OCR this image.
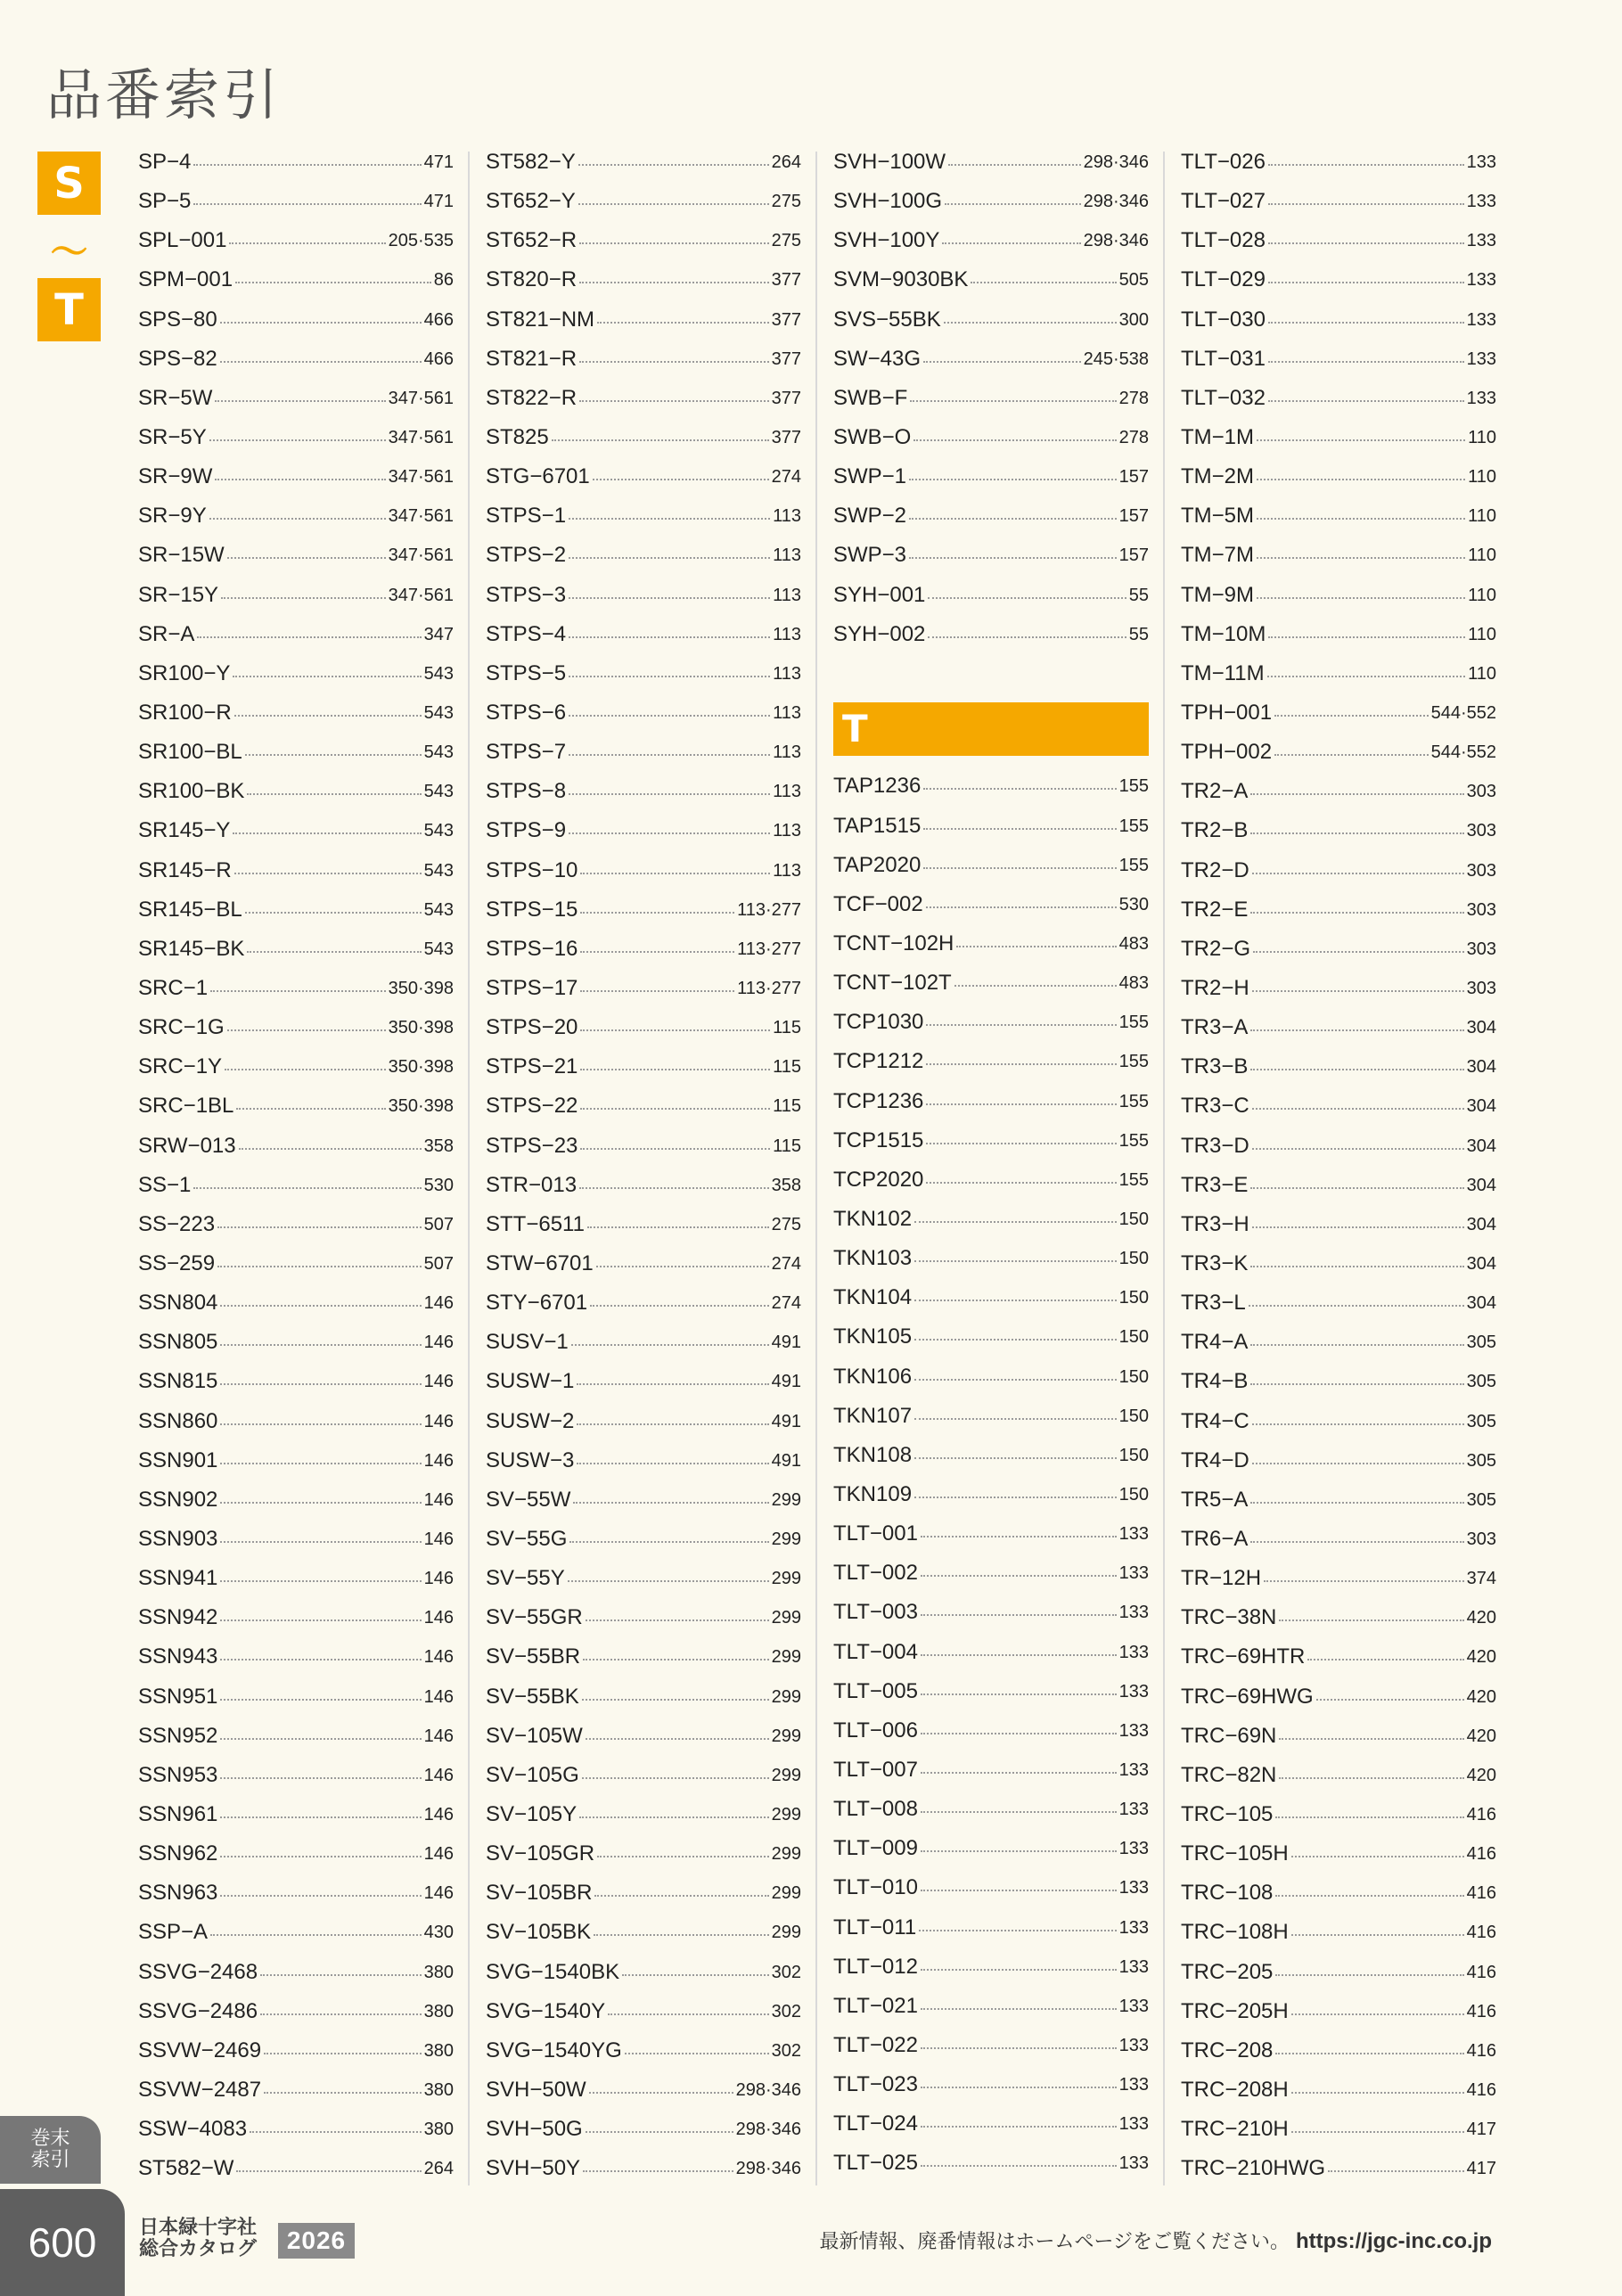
品番索引
S
〜
T
SP−4	471
SP−5	471
SPL−001	205·535
SPM−001	86
SPS−80	466
SPS−82	466
SR−5W	347·561
SR−5Y	347·561
SR−9W	347·561
SR−9Y	347·561
SR−15W	347·561
SR−15Y	347·561
SR−A	347
SR100−Y	543
SR100−R	543
SR100−BL	543
SR100−BK	543
SR145−Y	543
SR145−R	543
SR145−BL	543
SR145−BK	543
SRC−1	350·398
SRC−1G	350·398
SRC−1Y	350·398
SRC−1BL	350·398
SRW−013	358
SS−1	530
SS−223	507
SS−259	507
SSN804	146
SSN805	146
SSN815	146
SSN860	146
SSN901	146
SSN902	146
SSN903	146
SSN941	146
SSN942	146
SSN943	146
SSN951	146
SSN952	146
SSN953	146
SSN961	146
SSN962	146
SSN963	146
SSP−A	430
SSVG−2468	380
SSVG−2486	380
SSVW−2469	380
SSVW−2487	380
SSW−4083	380
ST582−W	264
ST582−Y	264
ST652−Y	275
ST652−R	275
ST820−R	377
ST821−NM	377
ST821−R	377
ST822−R	377
ST825	377
STG−6701	274
STPS−1	113
STPS−2	113
STPS−3	113
STPS−4	113
STPS−5	113
STPS−6	113
STPS−7	113
STPS−8	113
STPS−9	113
STPS−10	113
STPS−15	113·277
STPS−16	113·277
STPS−17	113·277
STPS−20	115
STPS−21	115
STPS−22	115
STPS−23	115
STR−013	358
STT−6511	275
STW−6701	274
STY−6701	274
SUSV−1	491
SUSW−1	491
SUSW−2	491
SUSW−3	491
SV−55W	299
SV−55G	299
SV−55Y	299
SV−55GR	299
SV−55BR	299
SV−55BK	299
SV−105W	299
SV−105G	299
SV−105Y	299
SV−105GR	299
SV−105BR	299
SV−105BK	299
SVG−1540BK	302
SVG−1540Y	302
SVG−1540YG	302
SVH−50W	298·346
SVH−50G	298·346
SVH−50Y	298·346
SVH−100W	298·346
SVH−100G	298·346
SVH−100Y	298·346
SVM−9030BK	505
SVS−55BK	300
SW−43G	245·538
SWB−F	278
SWB−O	278
SWP−1	157
SWP−2	157
SWP−3	157
SYH−001	55
SYH−002	55
T
TAP1236	155
TAP1515	155
TAP2020	155
TCF−002	530
TCNT−102H	483
TCNT−102T	483
TCP1030	155
TCP1212	155
TCP1236	155
TCP1515	155
TCP2020	155
TKN102	150
TKN103	150
TKN104	150
TKN105	150
TKN106	150
TKN107	150
TKN108	150
TKN109	150
TLT−001	133
TLT−002	133
TLT−003	133
TLT−004	133
TLT−005	133
TLT−006	133
TLT−007	133
TLT−008	133
TLT−009	133
TLT−010	133
TLT−011	133
TLT−012	133
TLT−021	133
TLT−022	133
TLT−023	133
TLT−024	133
TLT−025	133
TLT−026	133
TLT−027	133
TLT−028	133
TLT−029	133
TLT−030	133
TLT−031	133
TLT−032	133
TM−1M	110
TM−2M	110
TM−5M	110
TM−7M	110
TM−9M	110
TM−10M	110
TM−11M	110
TPH−001	544·552
TPH−002	544·552
TR2−A	303
TR2−B	303
TR2−D	303
TR2−E	303
TR2−G	303
TR2−H	303
TR3−A	304
TR3−B	304
TR3−C	304
TR3−D	304
TR3−E	304
TR3−H	304
TR3−K	304
TR3−L	304
TR4−A	305
TR4−B	305
TR4−C	305
TR4−D	305
TR5−A	305
TR6−A	303
TR−12H	374
TRC−38N	420
TRC−69HTR	420
TRC−69HWG	420
TRC−69N	420
TRC−82N	420
TRC−105	416
TRC−105H	416
TRC−108	416
TRC−108H	416
TRC−205	416
TRC−205H	416
TRC−208	416
TRC−208H	416
TRC−210H	417
TRC−210HWG	417
巻末
索引
600 日本緑十字社
総合カタログ	2026	最新情報、廃番情報はホームページをご覧ください。 https://jgc-inc.co.jp
